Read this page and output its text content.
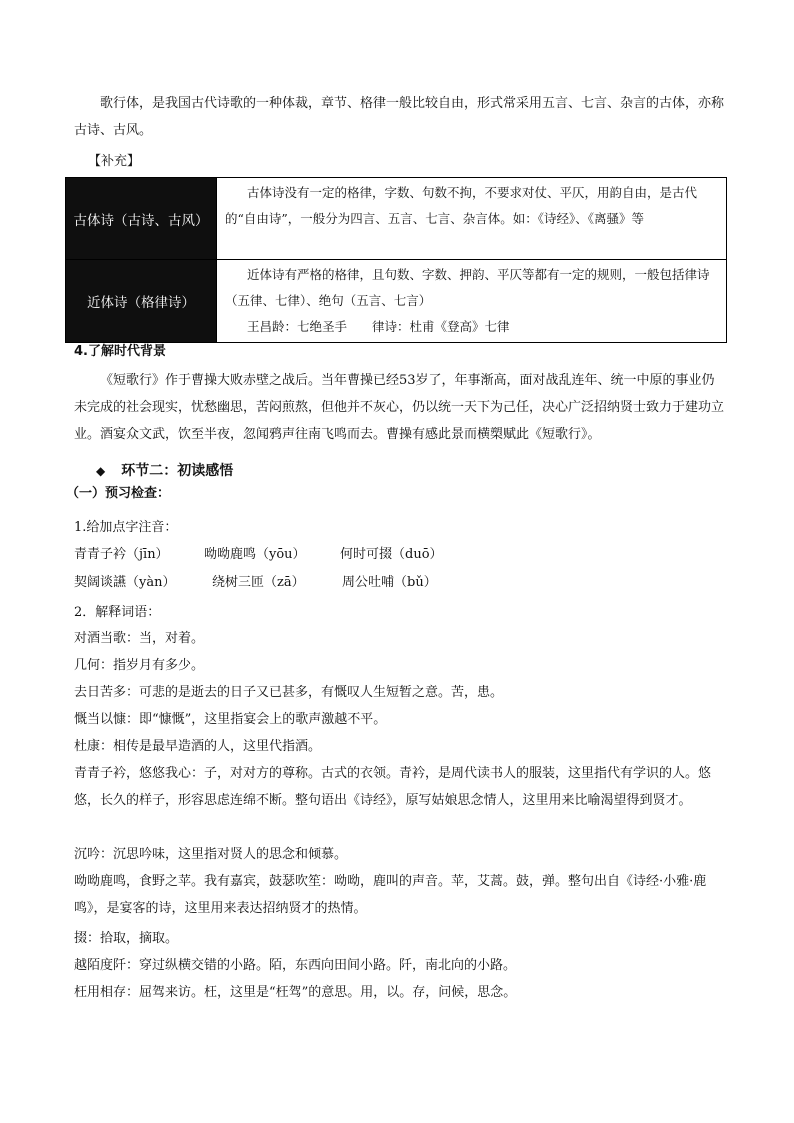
歌行体，是我国古代诗歌的一种体裁，章节、格律一般比较自由，形式常采用五言、七言、杂言的古体，亦称古诗、古风。

【补充】
古体诗（古诗、古风）	古体诗没有一定的格律，字数、句数不拘，不要求对仗、平仄，用韵自由，是古代的“自由诗”，一般分为四言、五言、七言、杂言体。如：《诗经》、《离骚》等
近体诗（格律诗）	近体诗有严格的格律，且句数、字数、押韵、平仄等都有一定的规则，一般包括律诗（五律、七律）、绝句（五言、七言）
王昌龄：七绝圣手　　律诗：杜甫《登高》七律
4.了解时代背景

《短歌行》作于曹操大败赤壁之战后。当年曹操已经53岁了，年事渐高，面对战乱连年、统一中原的事业仍未完成的社会现实，忧愁幽思，苦闷煎熬，但他并不灰心，仍以统一天下为己任，决心广泛招纳贤士致力于建功立业。酒宴众文武，饮至半夜，忽闻鸦声往南飞鸣而去。曹操有感此景而横槊赋此《短歌行》。

◆ 环节二：初读感悟
（一）预习检查：
1.给加点字注音：
青青子衿（jīn）	呦呦鹿鸣（yōu）	何时可掇（duō）
契阔谈讌（yàn）	绕树三匝（zā）	周公吐哺（bǔ）
2．解释词语：
对酒当歌：当，对着。
几何：指岁月有多少。
去日苦多：可悲的是逝去的日子又已甚多，有慨叹人生短暂之意。苦，患。
慨当以慷：即“慷慨”，这里指宴会上的歌声激越不平。
杜康：相传是最早造酒的人，这里代指酒。

青青子衿，悠悠我心：子，对对方的尊称。古式的衣领。青衿，是周代读书人的服装，这里指代有学识的人。悠悠，长久的样子，形容思虑连绵不断。整句语出《诗经》，原写姑娘思念情人，这里用来比喻渴望得到贤才。

沉吟：沉思吟味，这里指对贤人的思念和倾慕。

呦呦鹿鸣，食野之苹。我有嘉宾，鼓瑟吹笙：呦呦，鹿叫的声音。苹，艾蒿。鼓，弹。整句出自《诗经·小雅·鹿鸣》，是宴客的诗，这里用来表达招纳贤才的热情。

掇：拾取，摘取。
越陌度阡：穿过纵横交错的小路。陌，东西向田间小路。阡，南北向的小路。
枉用相存：屈驾来访。枉，这里是“枉驾”的意思。用，以。存，问候，思念。
